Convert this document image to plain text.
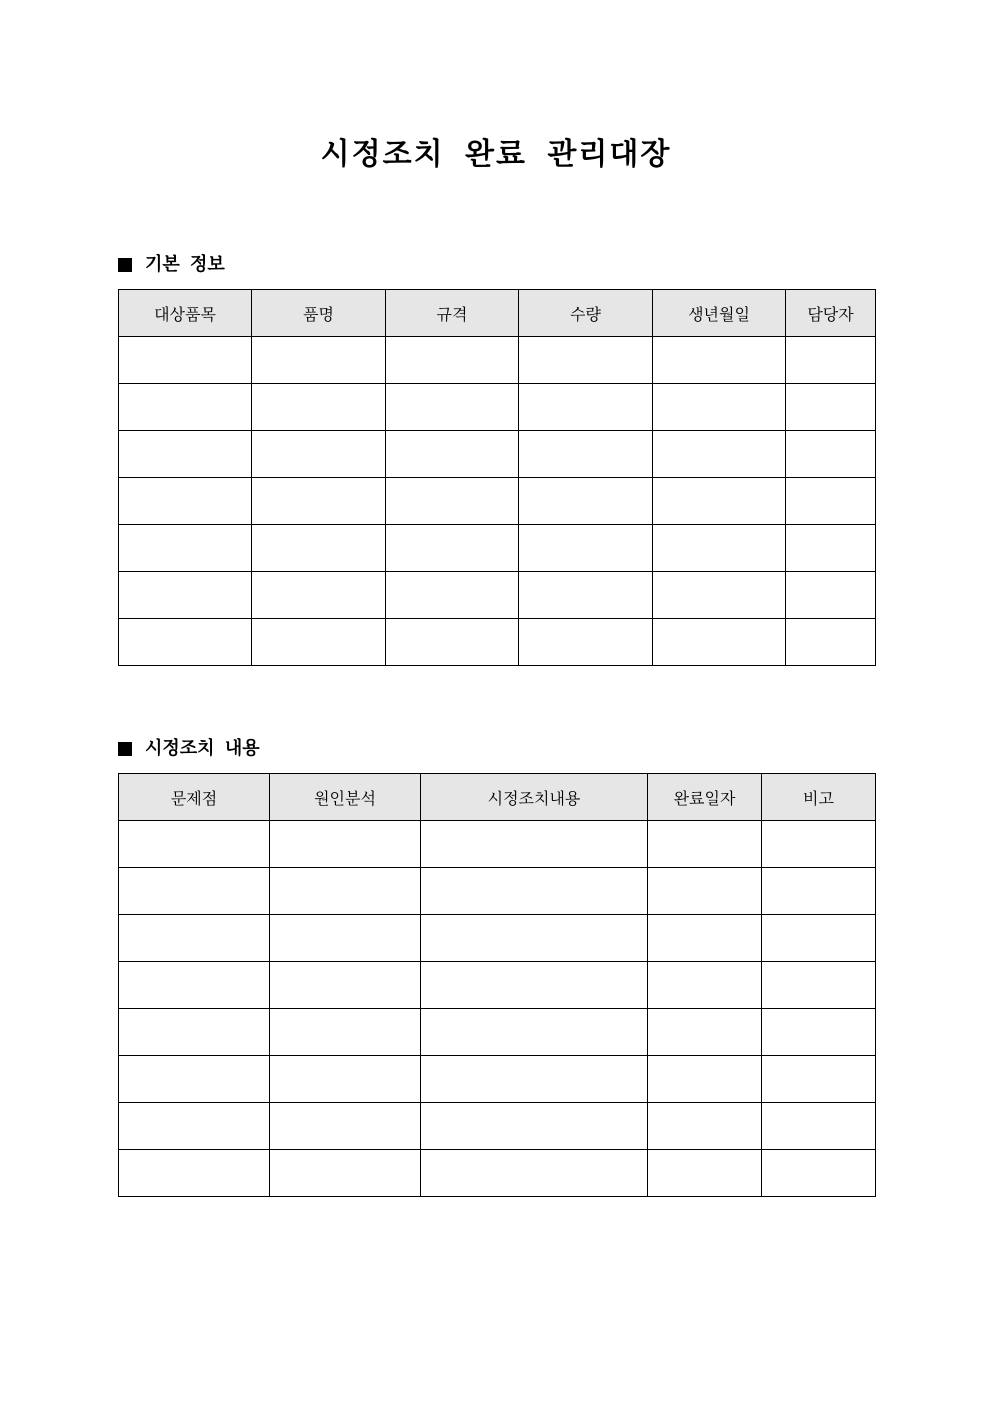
시정조치 완료 관리대장
기본 정보
대상품목	품명	규격	수량	생년월일	담당자

시정조치 내용
문제점	원인분석	시정조치내용	완료일자	비고
